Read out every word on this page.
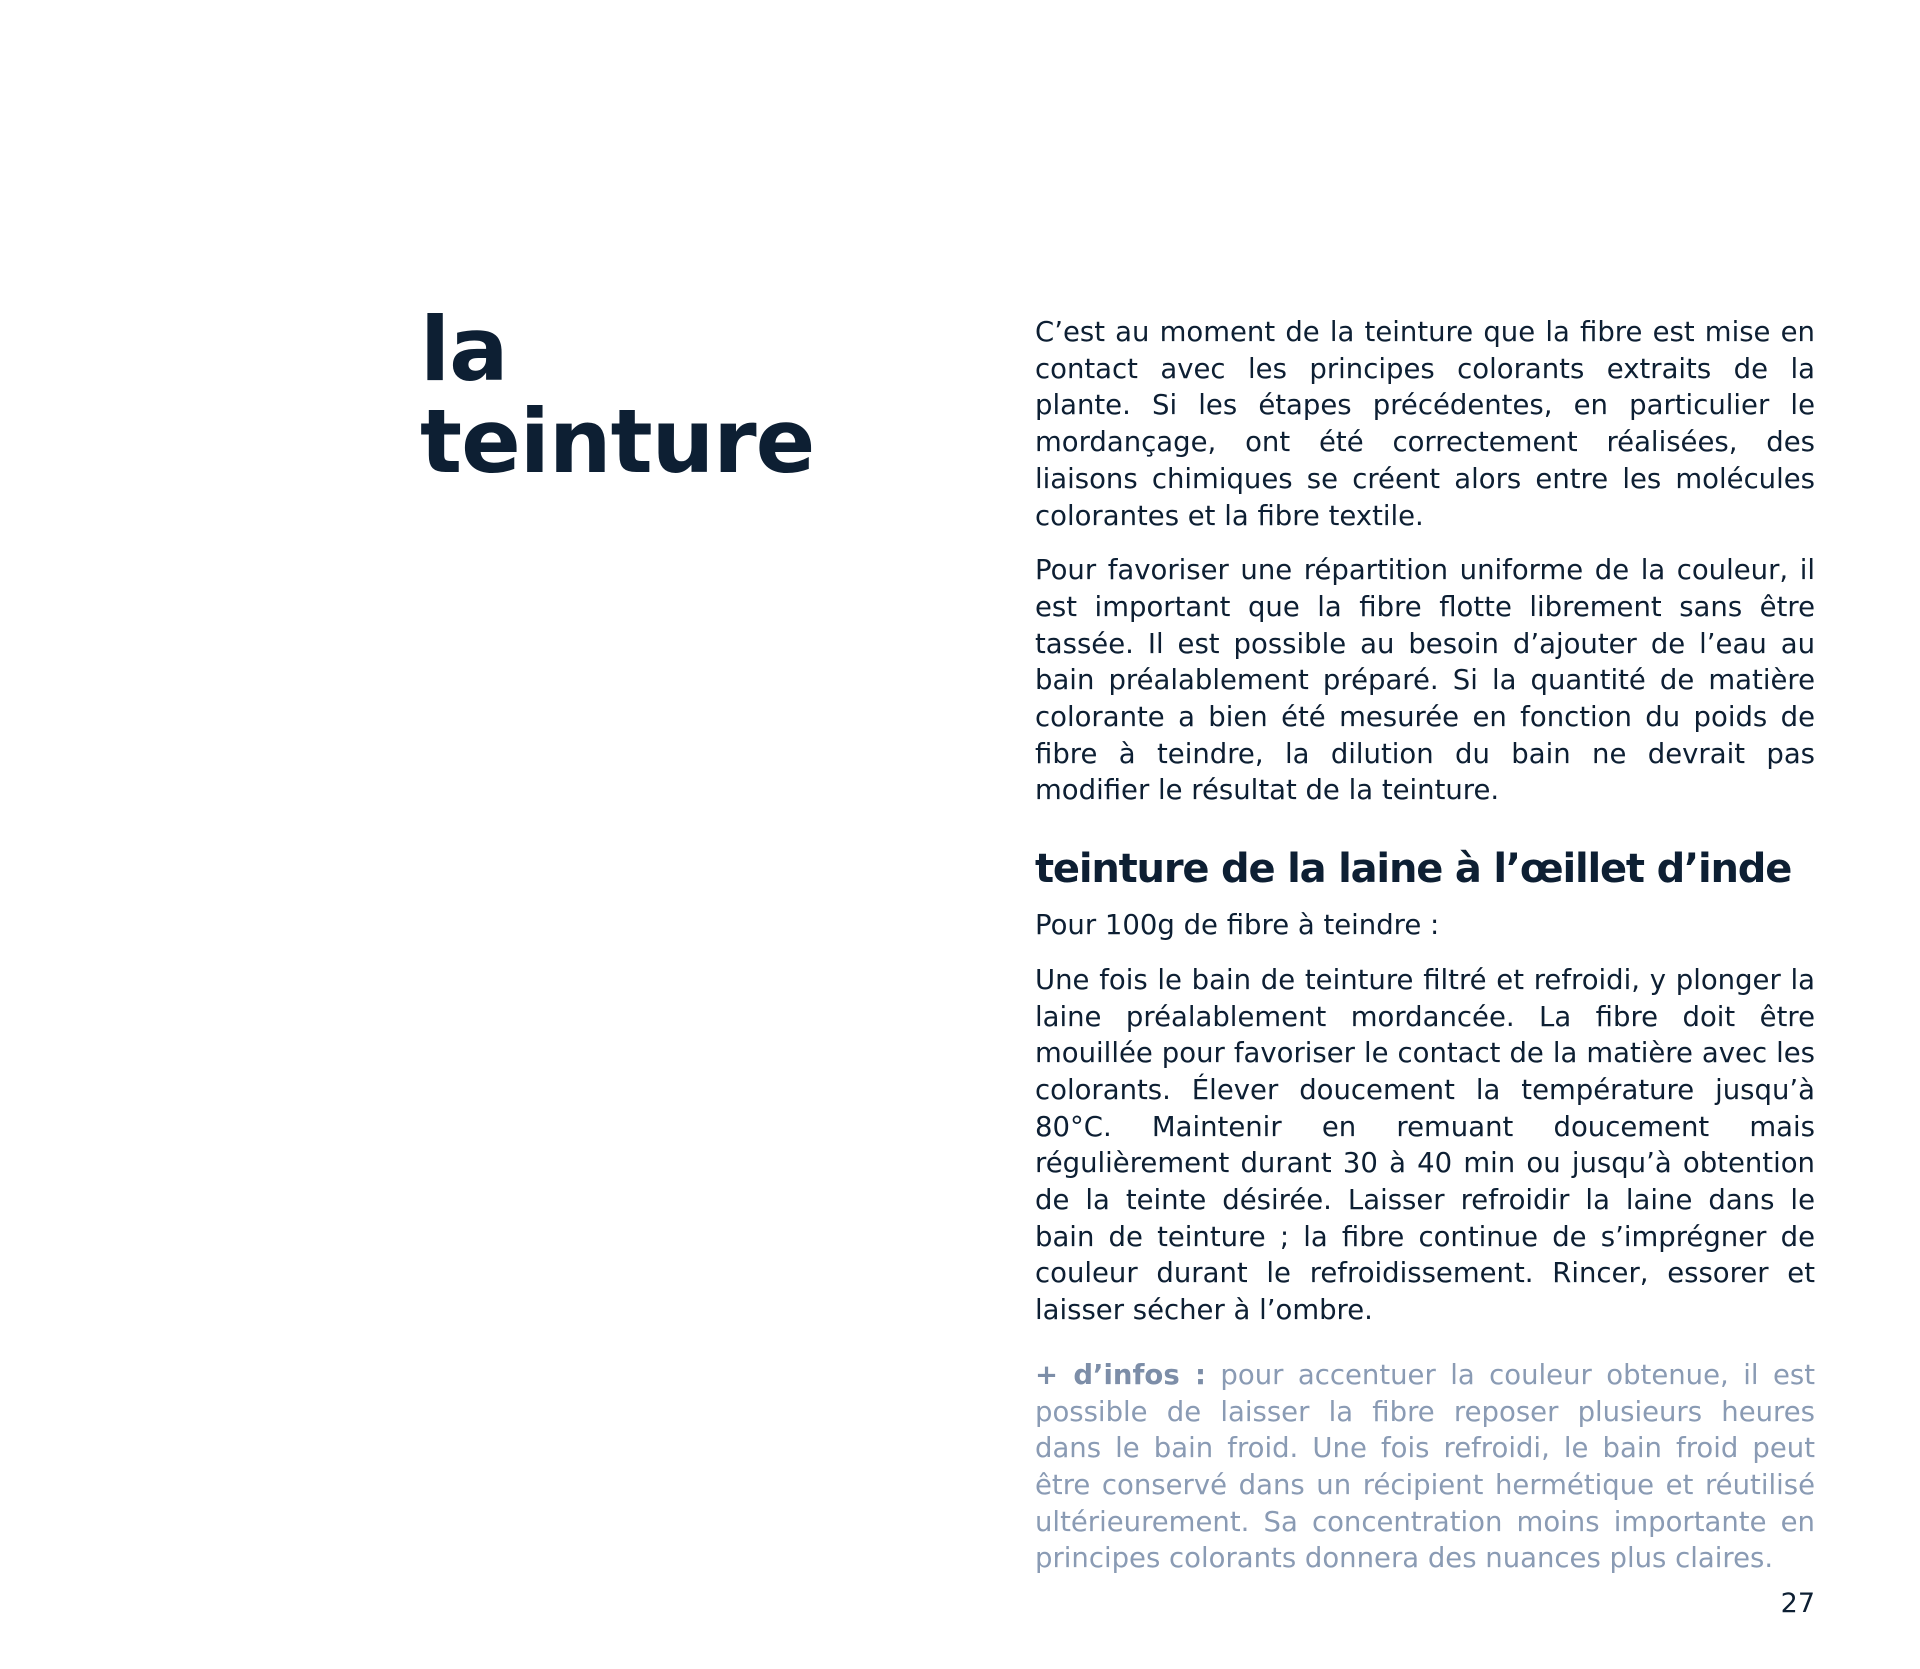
la teinture

C’est au moment de la teinture que la fibre est mise en contact avec les principes colorants extraits de la plante. Si les étapes précédentes, en particulier le mordançage, ont été correctement réalisées, des liaisons chimiques se créent alors entre les molécules colorantes et la fibre textile.

Pour favoriser une répartition uniforme de la couleur, il est important que la fibre flotte librement sans être tassée. Il est possible au besoin d’ajouter de l’eau au bain préalablement préparé. Si la quantité de matière colorante a bien été mesurée en fonction du poids de fibre à teindre, la dilution du bain ne devrait pas modifier le résultat de la teinture.

teinture de la laine à l’œillet d’inde

Pour 100g de fibre à teindre :

Une fois le bain de teinture filtré et refroidi, y plonger la laine préalablement mordancée. La fibre doit être mouillée pour favoriser le contact de la matière avec les colorants. Élever doucement la température jusqu’à 80°C. Maintenir en remuant doucement mais régulièrement durant 30 à 40 min ou jusqu’à obtention de la teinte désirée. Laisser refroidir la laine dans le bain de teinture ; la fibre continue de s’imprégner de couleur durant le refroidissement. Rincer, essorer et laisser sécher à l’ombre.

+ d’infos : pour accentuer la couleur obtenue, il est possible de laisser la fibre reposer plusieurs heures dans le bain froid. Une fois refroidi, le bain froid peut être conservé dans un récipient hermétique et réutilisé ultérieurement. Sa concentration moins importante en principes colorants donnera des nuances plus claires.

27
